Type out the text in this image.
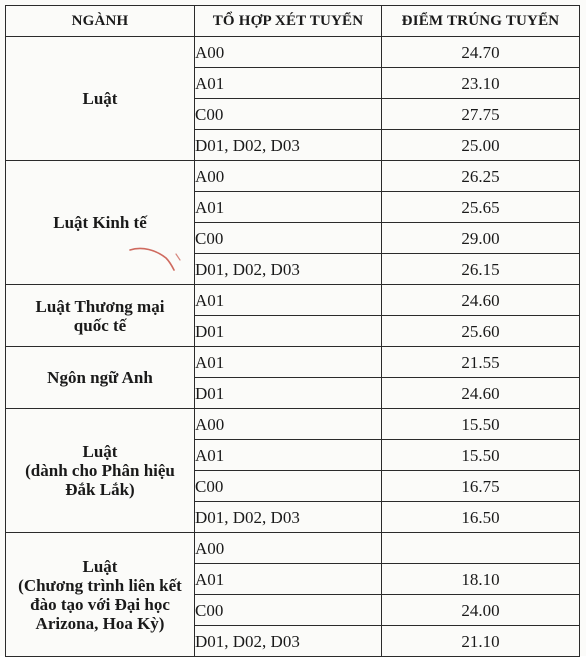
NGÀNH	TỔ HỢP XÉT TUYỂN	ĐIỂM TRÚNG TUYỂN

Luật	A00	24.70
	A01	23.10
	C00	27.75
	D01, D02, D03	25.00

Luật Kinh tế	A00	26.25
	A01	25.65
	C00	29.00
	D01, D02, D03	26.15

Luật Thương mại
quốc tế	A01	24.60
	D01	25.60

Ngôn ngữ Anh	A01	21.55
	D01	24.60

Luật
(dành cho Phân hiệu
Đắk Lắk)	A00	15.50
	A01	15.50
	C00	16.75
	D01, D02, D03	16.50

Luật
(Chương trình liên kết
đào tạo với Đại học
Arizona, Hoa Kỳ)	A00	
	A01	18.10
	C00	24.00
	D01, D02, D03	21.10
